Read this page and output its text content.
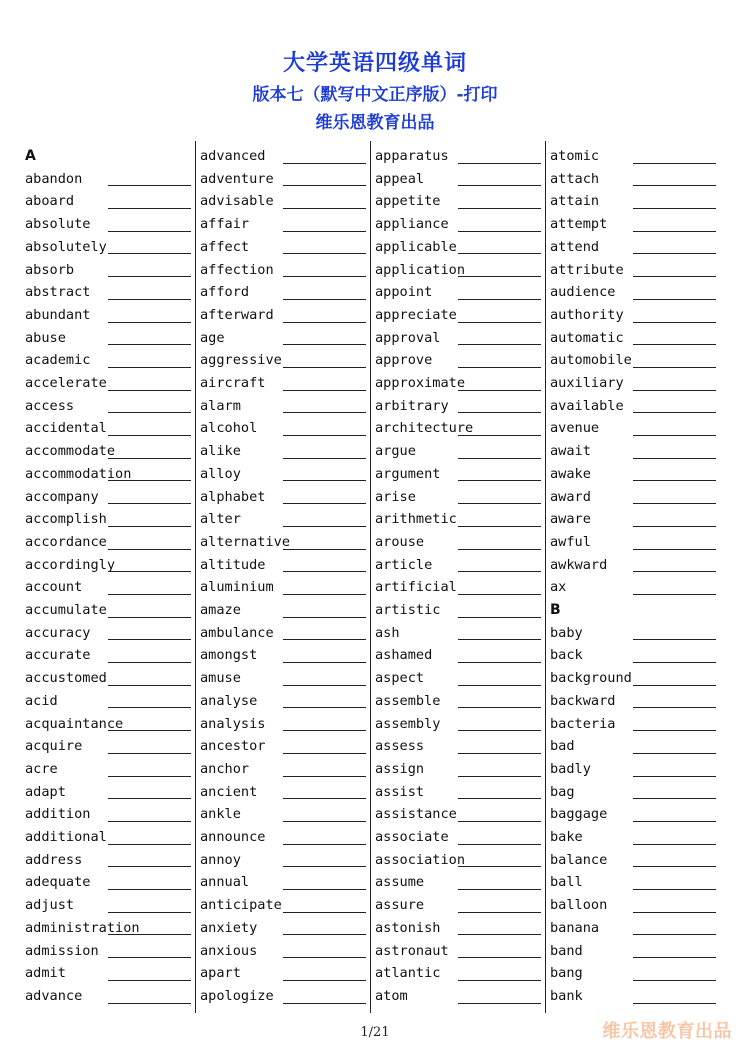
大学英语四级单词
版本七（默写中文正序版）-打印
维乐恩教育出品
A
abandon
aboard
absolute
absolutely
absorb
abstract
abundant
abuse
academic
accelerate
access
accidental
accommodate
accommodation
accompany
accomplish
accordance
accordingly
account
accumulate
accuracy
accurate
accustomed
acid
acquaintance
acquire
acre
adapt
addition
additional
address
adequate
adjust
administration
admission
admit
advance
advanced
adventure
advisable
affair
affect
affection
afford
afterward
age
aggressive
aircraft
alarm
alcohol
alike
alloy
alphabet
alter
alternative
altitude
aluminium
amaze
ambulance
amongst
amuse
analyse
analysis
ancestor
anchor
ancient
ankle
announce
annoy
annual
anticipate
anxiety
anxious
apart
apologize
apparatus
appeal
appetite
appliance
applicable
application
appoint
appreciate
approval
approve
approximate
arbitrary
architecture
argue
argument
arise
arithmetic
arouse
article
artificial
artistic
ash
ashamed
aspect
assemble
assembly
assess
assign
assist
assistance
associate
association
assume
assure
astonish
astronaut
atlantic
atom
atomic
attach
attain
attempt
attend
attribute
audience
authority
automatic
automobile
auxiliary
available
avenue
await
awake
award
aware
awful
awkward
ax
B
baby
back
background
backward
bacteria
bad
badly
bag
baggage
bake
balance
ball
balloon
banana
band
bang
bank
1/21	维乐恩教育出品
